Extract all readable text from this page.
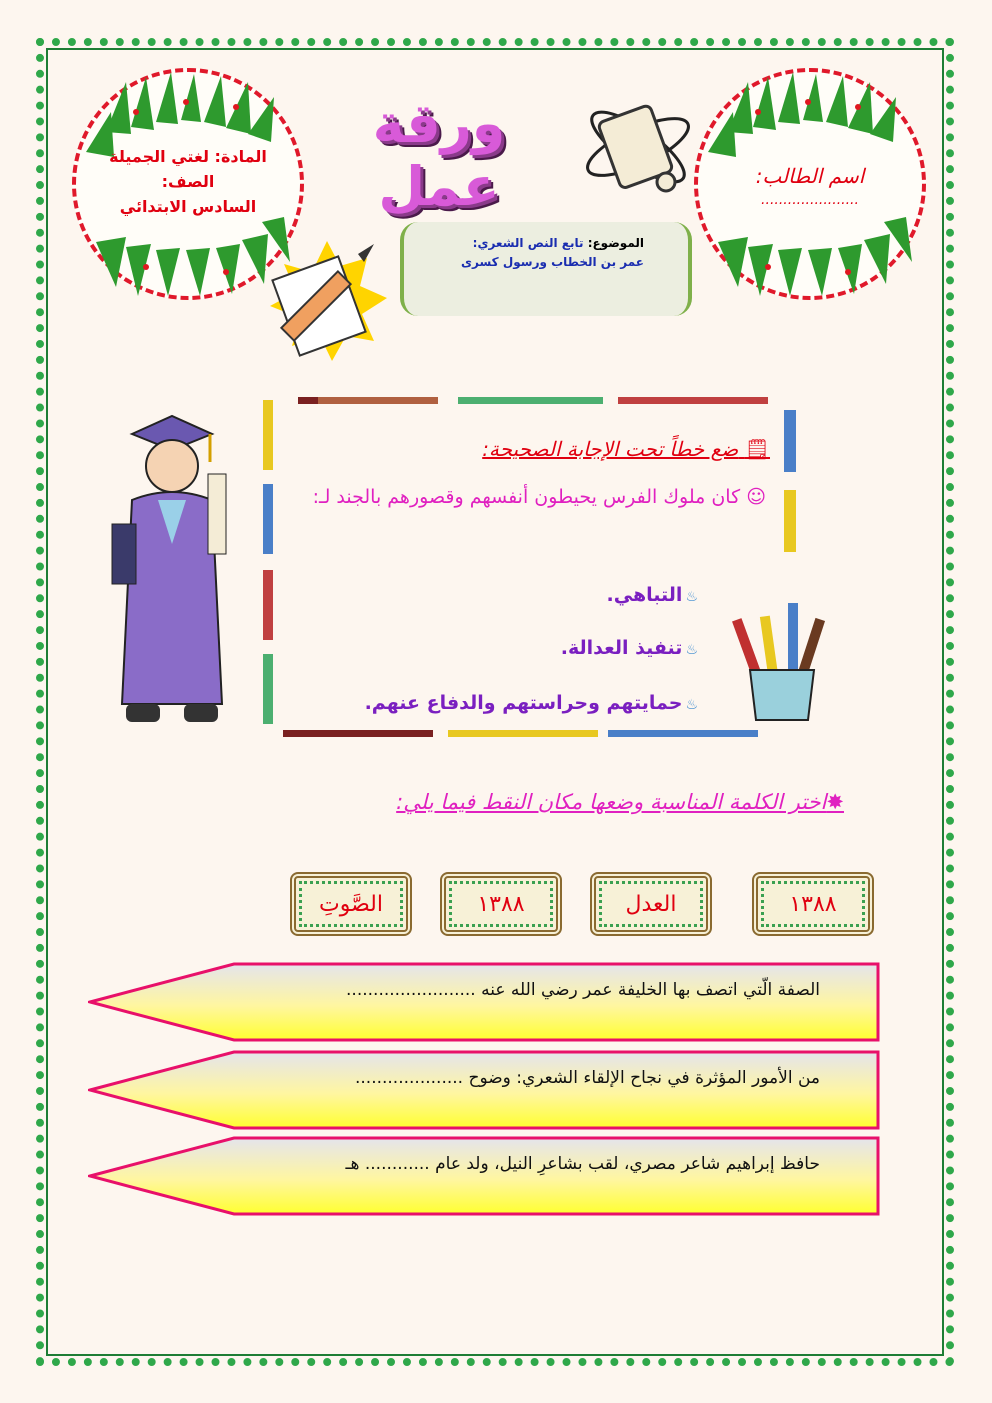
المادة: لغتي الجميلة
الصف:
السادس الابتدائي
اسم الطالب:
......................
ورقة عمل
الموضوع: تابع النص الشعري:
عمر بن الخطاب ورسول كسرى
🗒 ضع خطاً تحت الإجابة الصحيحة:
☺ كان ملوك الفرس يحيطون أنفسهم وقصورهم بالجند لـ:
♨التباهي.
♨تنفيذ العدالة.
♨حمايتهم وحراستهم والدفاع عنهم.
✸اختر الكلمة المناسبة وضعها مكان النقط فيما يلي:
١٣٨٨
العدل
١٣٨٨
الصَّوتِ
الصفة الّتي اتصف بها الخليفة عمر رضي الله عنه ........................
من الأمور المؤثرة في نجاح الإلقاء الشعري: وضوح ....................
حافظ إبراهيم شاعر مصري، لقب بشاعرِ النيل، ولد عام ............ هـ
